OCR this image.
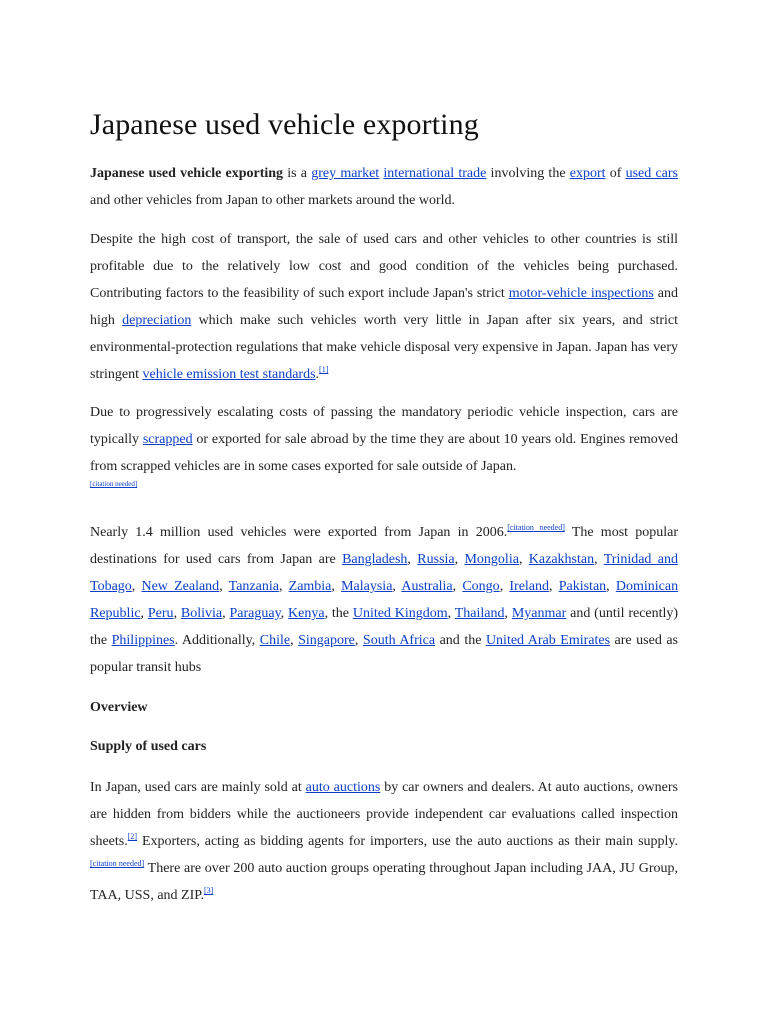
Japanese used vehicle exporting

Japanese used vehicle exporting is a grey market international trade involving the export of used cars and other vehicles from Japan to other markets around the world.

Despite the high cost of transport, the sale of used cars and other vehicles to other countries is still profitable due to the relatively low cost and good condition of the vehicles being purchased. Contributing factors to the feasibility of such export include Japan's strict motor-vehicle inspections and high depreciation which make such vehicles worth very little in Japan after six years, and strict environmental-protection regulations that make vehicle disposal very expensive in Japan. Japan has very stringent vehicle emission test standards.[1]

Due to progressively escalating costs of passing the mandatory periodic vehicle inspection, cars are typically scrapped or exported for sale abroad by the time they are about 10 years old. Engines removed from scrapped vehicles are in some cases exported for sale outside of Japan.
[citation needed]

Nearly 1.4 million used vehicles were exported from Japan in 2006.[citation needed] The most popular destinations for used cars from Japan are Bangladesh, Russia, Mongolia, Kazakhstan, Trinidad and Tobago, New Zealand, Tanzania, Zambia, Malaysia, Australia, Congo, Ireland, Pakistan, Dominican Republic, Peru, Bolivia, Paraguay, Kenya, the United Kingdom, Thailand, Myanmar and (until recently) the Philippines. Additionally, Chile, Singapore, South Africa and the United Arab Emirates are used as popular transit hubs

Overview
Supply of used cars

In Japan, used cars are mainly sold at auto auctions by car owners and dealers. At auto auctions, owners are hidden from bidders while the auctioneers provide independent car evaluations called inspection sheets.[2] Exporters, acting as bidding agents for importers, use the auto auctions as their main supply.[citation needed] There are over 200 auto auction groups operating throughout Japan including JAA, JU Group, TAA, USS, and ZIP.[3]
